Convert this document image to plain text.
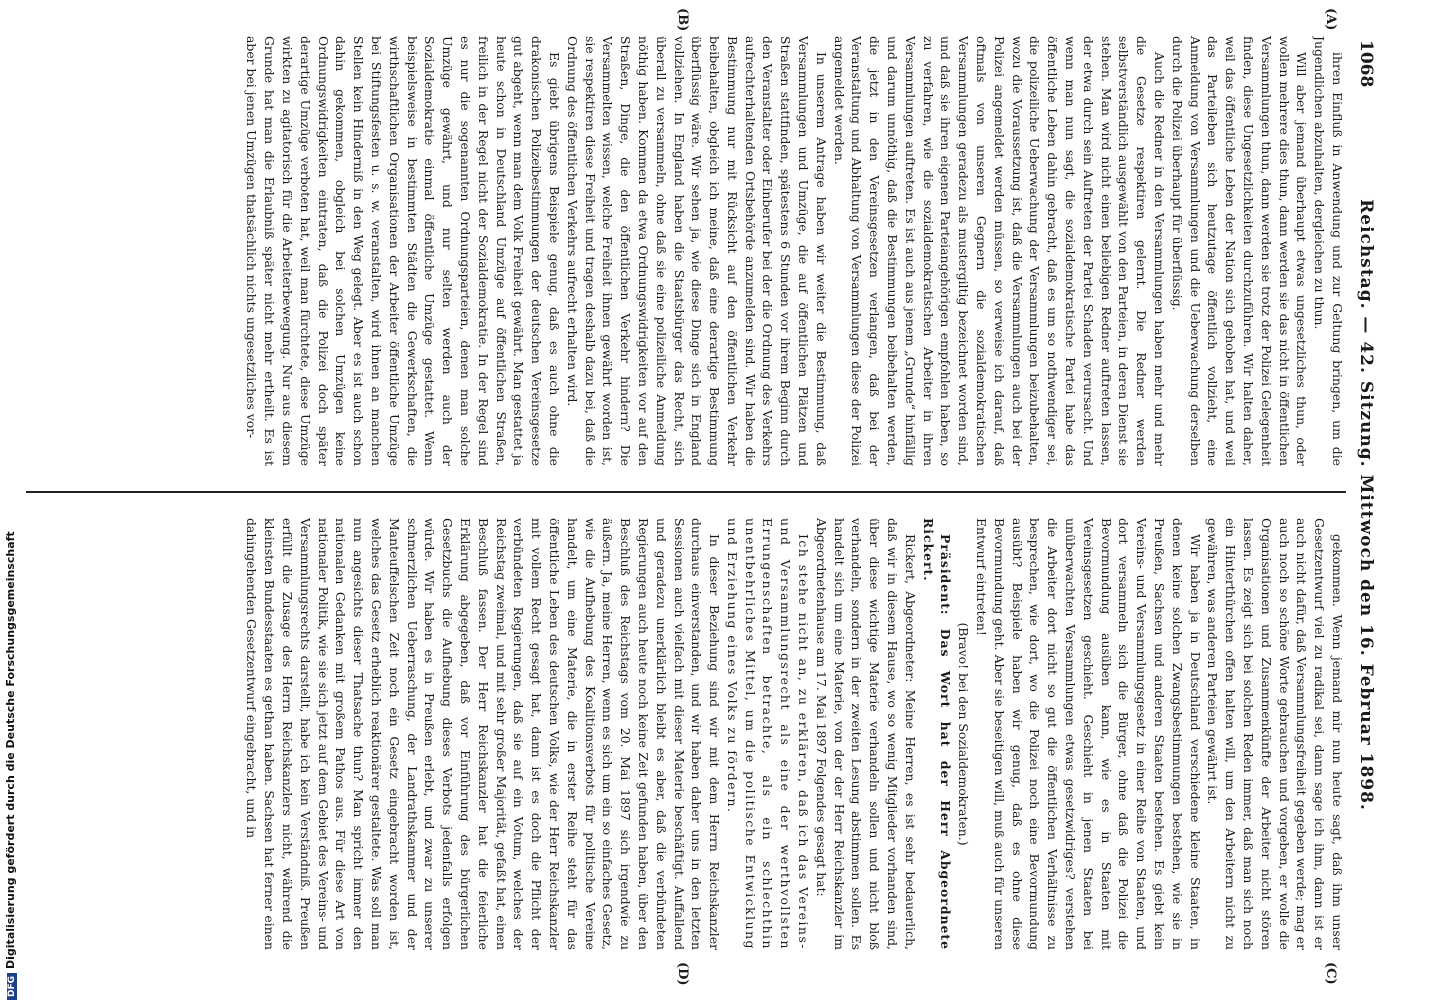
1068
Reichstag. — 42. Sitzung. Mittwoch den 16. Februar 1898.
(A)
(B)
(C)
(D)

ihren Einfluß in Anwendung und zur Geltung bringen, um die Jugendlichen abzuhalten, dergleichen zu thun.

Will aber jemand überhaupt etwas ungesetzliches thun, oder wollen mehrere dies thun, dann werden sie das nicht in öffentlichen Versammlungen thun, dann werden sie trotz der Polizei Gelegenheit finden, diese Ungesetzlichkeiten durchzuführen. Wir halten daher, weil das öffentliche Leben der Nation sich gehoben hat, und weil das Parteileben sich heutzutage öffentlich vollzieht, eine Anmeldung von Versammlungen und die Ueberwachung derselben durch die Polizei überhaupt für überflüssig.

Auch die Redner in den Versammlungen haben mehr und mehr die Gesetze respektiren gelernt. Die Redner werden selbstverständlich ausgewählt von den Parteien, in deren Dienst sie stehen. Man wird nicht einen beliebigen Redner auftreten lassen, der etwa durch sein Auftreten der Partei Schaden verursacht. Und wenn man nun sagt, die sozialdemokratische Partei habe das öffentliche Leben dahin gebracht, daß es um so nothwendiger sei, die polizeiliche Ueberwachung der Versammlungen beizubehalten, wozu die Voraussetzung ist, daß die Versammlungen auch bei der Polizei angemeldet werden müssen, so verweise ich darauf, daß oftmals von unseren Gegnern die sozialdemokratischen Versammlungen geradezu als mustergiltig bezeichnet worden sind, und daß sie ihren eigenen Parteiangehörigen empfohlen haben, so zu verfahren, wie die sozialdemokratischen Arbeiter in ihren Versammlungen auftreten. Es ist auch aus jenem „Grunde“ hinfällig und darum unnöthig, daß die Bestimmungen beibehalten werden, die jetzt in den Vereinsgesetzen verlangen, daß bei der Veranstaltung und Abhaltung von Versammlungen diese der Polizei angemeldet werden.

In unserem Antrage haben wir weiter die Bestimmung, daß Versammlungen und Umzüge, die auf öffentlichen Plätzen und Straßen stattfinden, spätestens 6 Stunden vor ihrem Beginn durch den Veranstalter oder Einberufer bei der die Ordnung des Verkehrs aufrechterhaltenden Ortsbehörde anzumelden sind. Wir haben die Bestimmung nur mit Rücksicht auf den öffentlichen Verkehr beibehalten, obgleich ich meine, daß eine derartige Bestimmung überflüssig wäre. Wir sehen ja, wie diese Dinge sich in England vollziehen. In England haben die Staatsbürger das Recht, sich überall zu versammeln, ohne daß sie eine polizeiliche Anmeldung nöthig haben. Kommen da etwa Ordnungswidrigkeiten vor auf den Straßen, Dinge, die den öffentlichen Verkehr hindern? Die Versammelten wissen, welche Freiheit ihnen gewährt worden ist, sie respektiren diese Freiheit und tragen deshalb dazu bei, daß die Ordnung des öffentlichen Verkehrs aufrecht erhalten wird.

Es giebt übrigens Beispiele genug, daß es auch ohne die drakonischen Polizeibestimmungen der deutschen Vereinsgesetze gut abgeht, wenn man dem Volk Freiheit gewährt. Man gestattet ja heute schon in Deutschland Umzüge auf öffentlichen Straßen, freilich in der Regel nicht der Sozialdemokratie. In der Regel sind es nur die sogenannten Ordnungsparteien, denen man solche Umzüge gewährt, und nur selten werden auch der Sozialdemokratie einmal öffentliche Umzüge gestattet. Wenn beispielsweise in bestimmten Städten die Gewerkschaften, die wirthschaftlichen Organisationen der Arbeiter öffentliche Umzüge bei Stiftungsfesten u. s. w. veranstalten, wird ihnen an manchen Stellen kein Hinderniß in den Weg gelegt. Aber es ist auch schon dahin gekommen, obgleich bei solchen Umzügen keine Ordnungswidrigkeiten eintraten, daß die Polizei doch später derartige Umzüge verboten hat, weil man fürchtete, diese Umzüge wirkten zu agitatorisch für die Arbeiterbewegung. Nur aus diesem Grunde hat man die Erlaubniß später nicht mehr ertheilt. Es ist aber bei jenen Umzügen thatsächlich nichts ungesetzliches vor-

gekommen. Wenn jemand mir nun heute sagt, daß ihm unser Gesetzentwurf viel zu radikal sei, dann sage ich ihm, dann ist er auch nicht dafür, daß Versammlungsfreiheit gegeben werde; mag er auch noch so schöne Worte gebrauchen und vorgeben, er wolle die Organisationen und Zusammenkünfte der Arbeiter nicht stören lassen. Es zeigt sich bei solchen Reden immer, daß man sich noch ein Hinterthürchen offen halten will, um den Arbeitern nicht zu gewähren, was anderen Parteien gewährt ist.

Wir haben ja in Deutschland verschiedene kleine Staaten, in denen keine solchen Zwangsbestimmungen bestehen, wie sie in Preußen, Sachsen und anderen Staaten bestehen. Es giebt kein Vereins- und Versammlungsgesetz in einer Reihe von Staaten, und dort versammeln sich die Bürger, ohne daß die Polizei die Bevormundung ausüben kann, wie es in Staaten mit Vereinsgesetzen geschieht. Geschieht in jenen Staaten bei unüberwachten Versammlungen etwas gesetzwidriges? verstehen die Arbeiter dort nicht so gut die öffentlichen Verhältnisse zu besprechen, wie dort, wo die Polizei noch eine Bevormundung ausübt? Beispiele haben wir genug, daß es ohne diese Bevormundung geht. Aber sie beseitigen will, muß auch für unseren Entwurf eintreten!

(Bravo! bei den Sozialdemokraten.)

Präsident: Das Wort hat der Herr Abgeordnete Rickert.

Rickert, Abgeordneter: Meine Herren, es ist sehr bedauerlich, daß wir in diesem Hause, wo so wenig Mitglieder vorhanden sind, über diese wichtige Materie verhandeln sollen und nicht bloß verhandeln, sondern in der zweiten Lesung abstimmen sollen. Es handelt sich um eine Materie, von der der Herr Reichskanzler im Abgeordnetenhause am 17. Mai 1897 Folgendes gesagt hat:

Ich stehe nicht an, zu erklären, daß ich das Vereins- und Versammlungsrecht als eine der werthvollsten Errungenschaften betrachte, als ein schlechthin unentbehrliches Mittel, um die politische Entwicklung und Erziehung eines Volks zu fördern.

In dieser Beziehung sind wir mit dem Herrn Reichskanzler durchaus einverstanden, und wir haben daher uns in den letzten Sessionen auch vielfach mit dieser Materie beschäftigt. Auffallend und geradezu unerklärlich bleibt es aber, daß die verbündeten Regierungen auch heute noch keine Zeit gefunden haben, über den Beschluß des Reichstags vom 20. Mai 1897 sich irgendwie zu äußern. Ja, meine Herren, wenn es sich um ein so einfaches Gesetz, wie die Aufhebung des Koalitionsverbots für politische Vereine handelt, um eine Materie, die in erster Reihe steht für das öffentliche Leben des deutschen Volks, wie der Herr Reichskanzler mit vollem Recht gesagt hat, dann ist es doch die Pflicht der verbündeten Regierungen, daß sie auf ein Votum, welches der Reichstag zweimal, und mit sehr großer Majorität, gefaßt hat, einen Beschluß fassen. Der Herr Reichskanzler hat die feierliche Erklärung abgegeben, daß vor Einführung des bürgerlichen Gesetzbuchs die Aufhebung dieses Verbots jedenfalls erfolgen würde. Wir haben es in Preußen erlebt, und zwar zu unserer schmerzlichen Ueberraschung, der Landrathskammer und der Manteuffelschen Zeit noch ein Gesetz eingebracht worden ist, welches das Gesetz erheblich reaktionärer gestaltete. Was soll man nun angesichts dieser Thatsache thun? Man spricht immer den nationalen Gedanken mit großem Pathos aus. Für diese Art von nationaler Politik, wie sie sich jetzt auf dem Gebiet des Vereins- und Versammlungsrechts darstellt, habe ich kein Verständniß. Preußen erfüllt die Zusage des Herrn Reichskanzlers nicht, während die kleinsten Bundesstaaten es gethan haben. Sachsen hat ferner einen dahingehenden Gesetzentwurf eingebracht, und in

DFGDigitalisierung gefördert durch die Deutsche Forschungsgemeinschaft
